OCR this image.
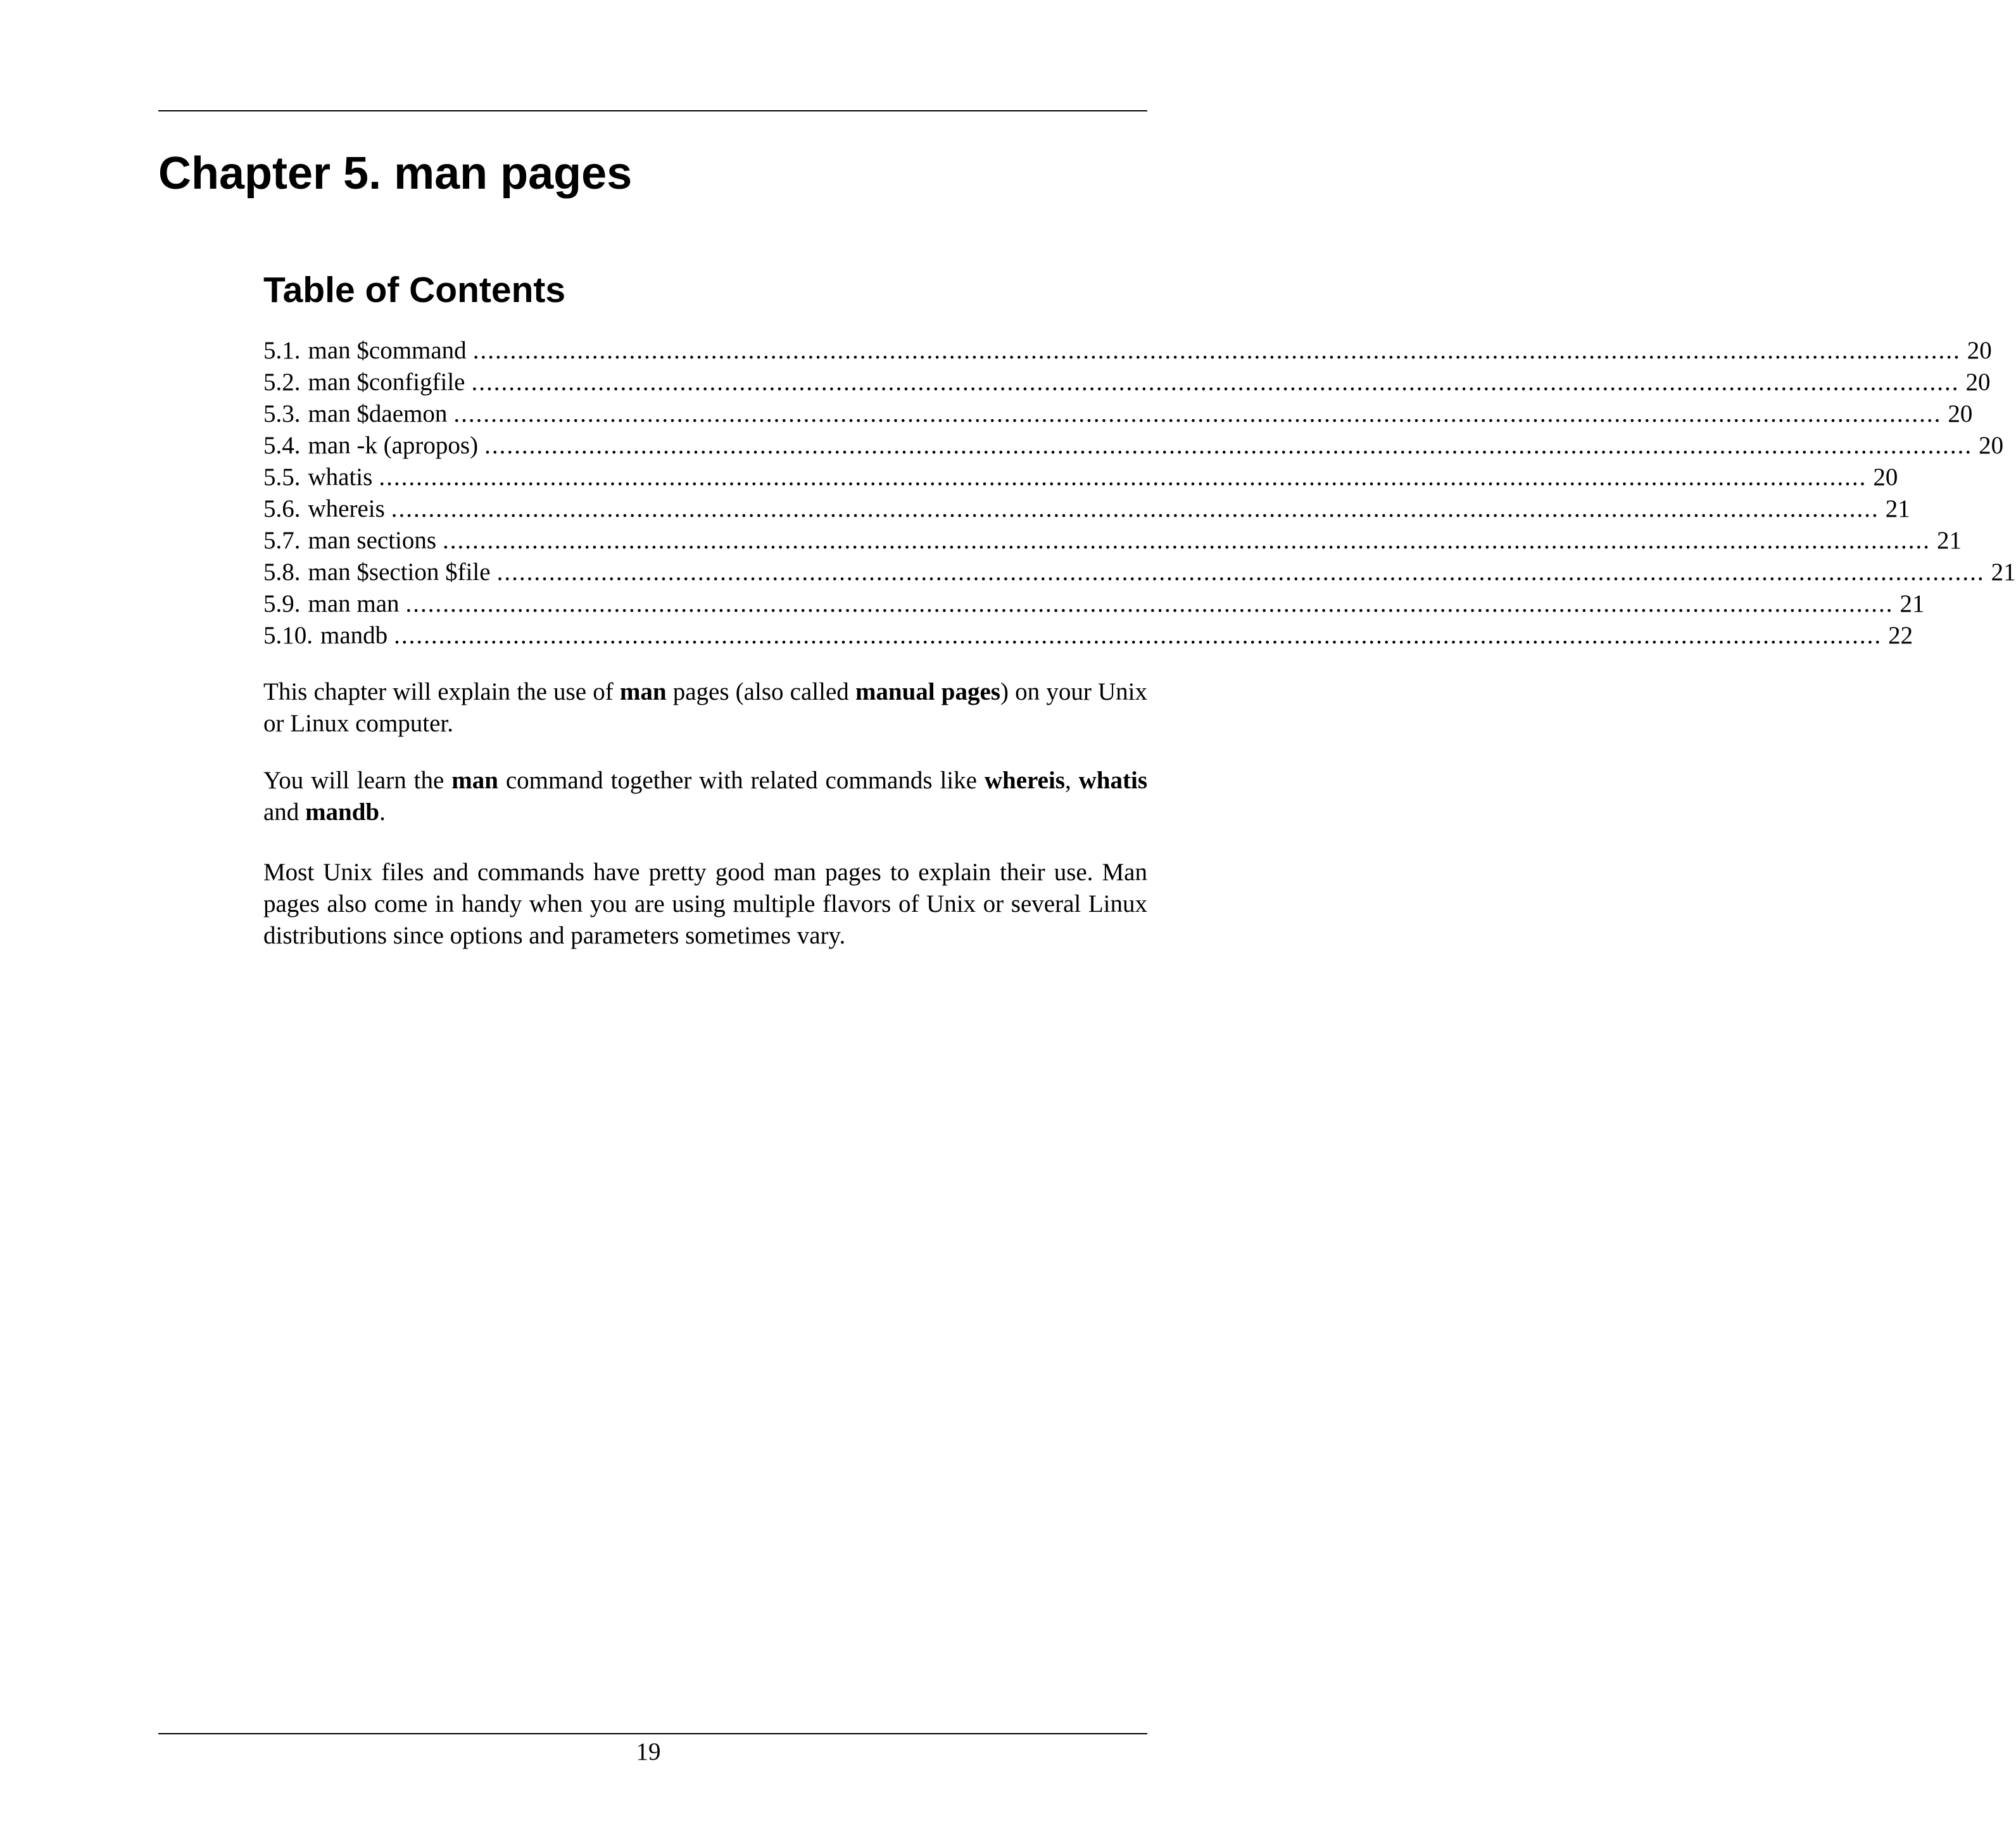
Chapter 5. man pages
Table of Contents
5.1. man $command ........................................................................................................................................................................................................ 20
5.2. man $configfile ........................................................................................................................................................................................................ 20
5.3. man $daemon ........................................................................................................................................................................................................ 20
5.4. man -k (apropos) ........................................................................................................................................................................................................ 20
5.5. whatis ........................................................................................................................................................................................................ 20
5.6. whereis ........................................................................................................................................................................................................ 21
5.7. man sections ........................................................................................................................................................................................................ 21
5.8. man $section $file ........................................................................................................................................................................................................ 21
5.9. man man ........................................................................................................................................................................................................ 21
5.10. mandb ........................................................................................................................................................................................................ 22

This chapter will explain the use of man pages (also called manual pages) on your Unix or Linux computer.

You will learn the man command together with related commands like whereis, whatis and mandb.

Most Unix files and commands have pretty good man pages to explain their use. Man pages also come in handy when you are using multiple flavors of Unix or several Linux distributions since options and parameters sometimes vary.

19
